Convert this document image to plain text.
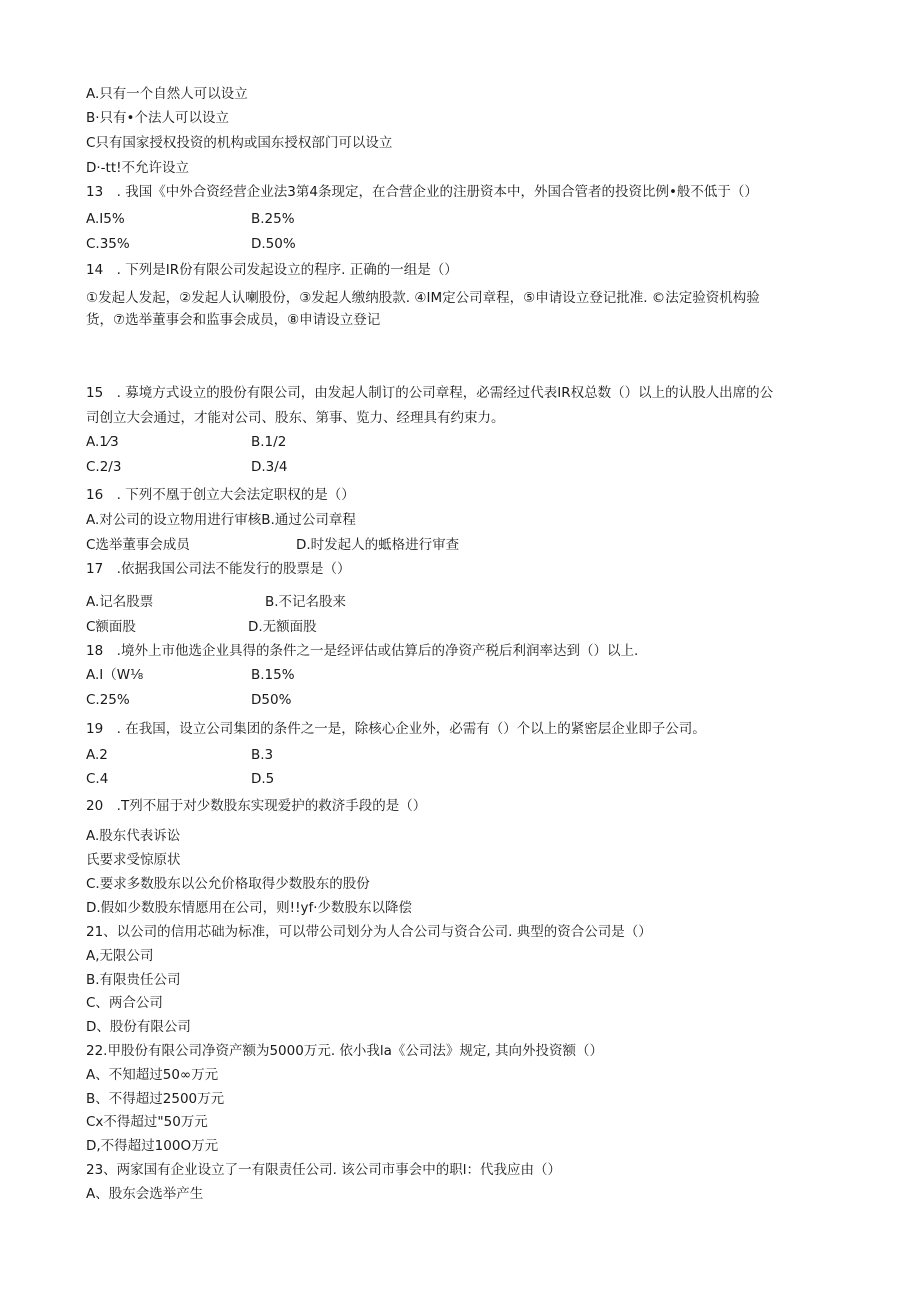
A.只有一个自然人可以设立
B·只有•个法人可以设立
C只有国家授权投资的机构或国东授权部门可以设立
D·-tt!不允许设立
13　. 我国《中外合资经营企业法3第4条现定，在合营企业的注册资本中，外国合管者的投资比例•般不低于（）
A.I5%	B.25%
C.35%	D.50%
14　. 下列是IR份有限公司发起设立的程序. 正确的一组是（）
①发起人发起，②发起人认喇股份，③发起人缴纳股款. ④IM定公司章程，⑤申请设立登记批准. ©法定验资机构验
货，⑦选举董事会和监事会成员，⑧申请设立登记
15　. 募境方式设立的股份有限公司，由发起人制订的公司章程，必需经过代表IR权总数（）以上的认股人出席的公
司创立大会通过，才能对公司、股东、第事、览力、经理具有约束力。
A.1⁄3	B.1/2
C.2/3	D.3/4
16　. 下列不凰于创立大会法定职权的是（）
A.对公司的设立物用进行审核B.通过公司章程
C选举董事会成员	D.时发起人的蚳格进行审查
17　.依据我国公司法不能发行的股票是（）
A.记名股票	B.不记名股来
C额面股	D.无额面股
18　.境外上市他选企业具得的条件之一是经评估或估算后的净资产税后利润率达到（）以上.
A.I（W⅛	B.15%
C.25%	D50%
19　. 在我国，设立公司集团的条件之一是，除核心企业外，必需有（）个以上的紧密层企业即子公司。
A.2	B.3
C.4	D.5
20　.T列不屈于对少数股东实现爱护的救济手段的是（）
A.股东代表诉讼
氏要求受惊原状
C.要求多数股东以公允价格取得少数股东的股份
D.假如少数股东情愿用在公司，则!!yf·少数股东以降偿
21、以公司的信用芯础为标准，可以带公司划分为人合公司与资合公司. 典型的资合公司是（）
A,无限公司
B.有限贵任公司
C、两合公司
D、股份有限公司
22.甲股份有限公司净资产额为5000万元. 依小我la《公司法》规定, 其向外投资额（）
A、不知超过50∞万元
B、不得超过2500万元
Cx不得超过"50万元
D,不得超过100O万元
23、两家国有企业设立了一有限责任公司. 该公司市事会中的职l：代我应由（）
A、股东会选举产生
